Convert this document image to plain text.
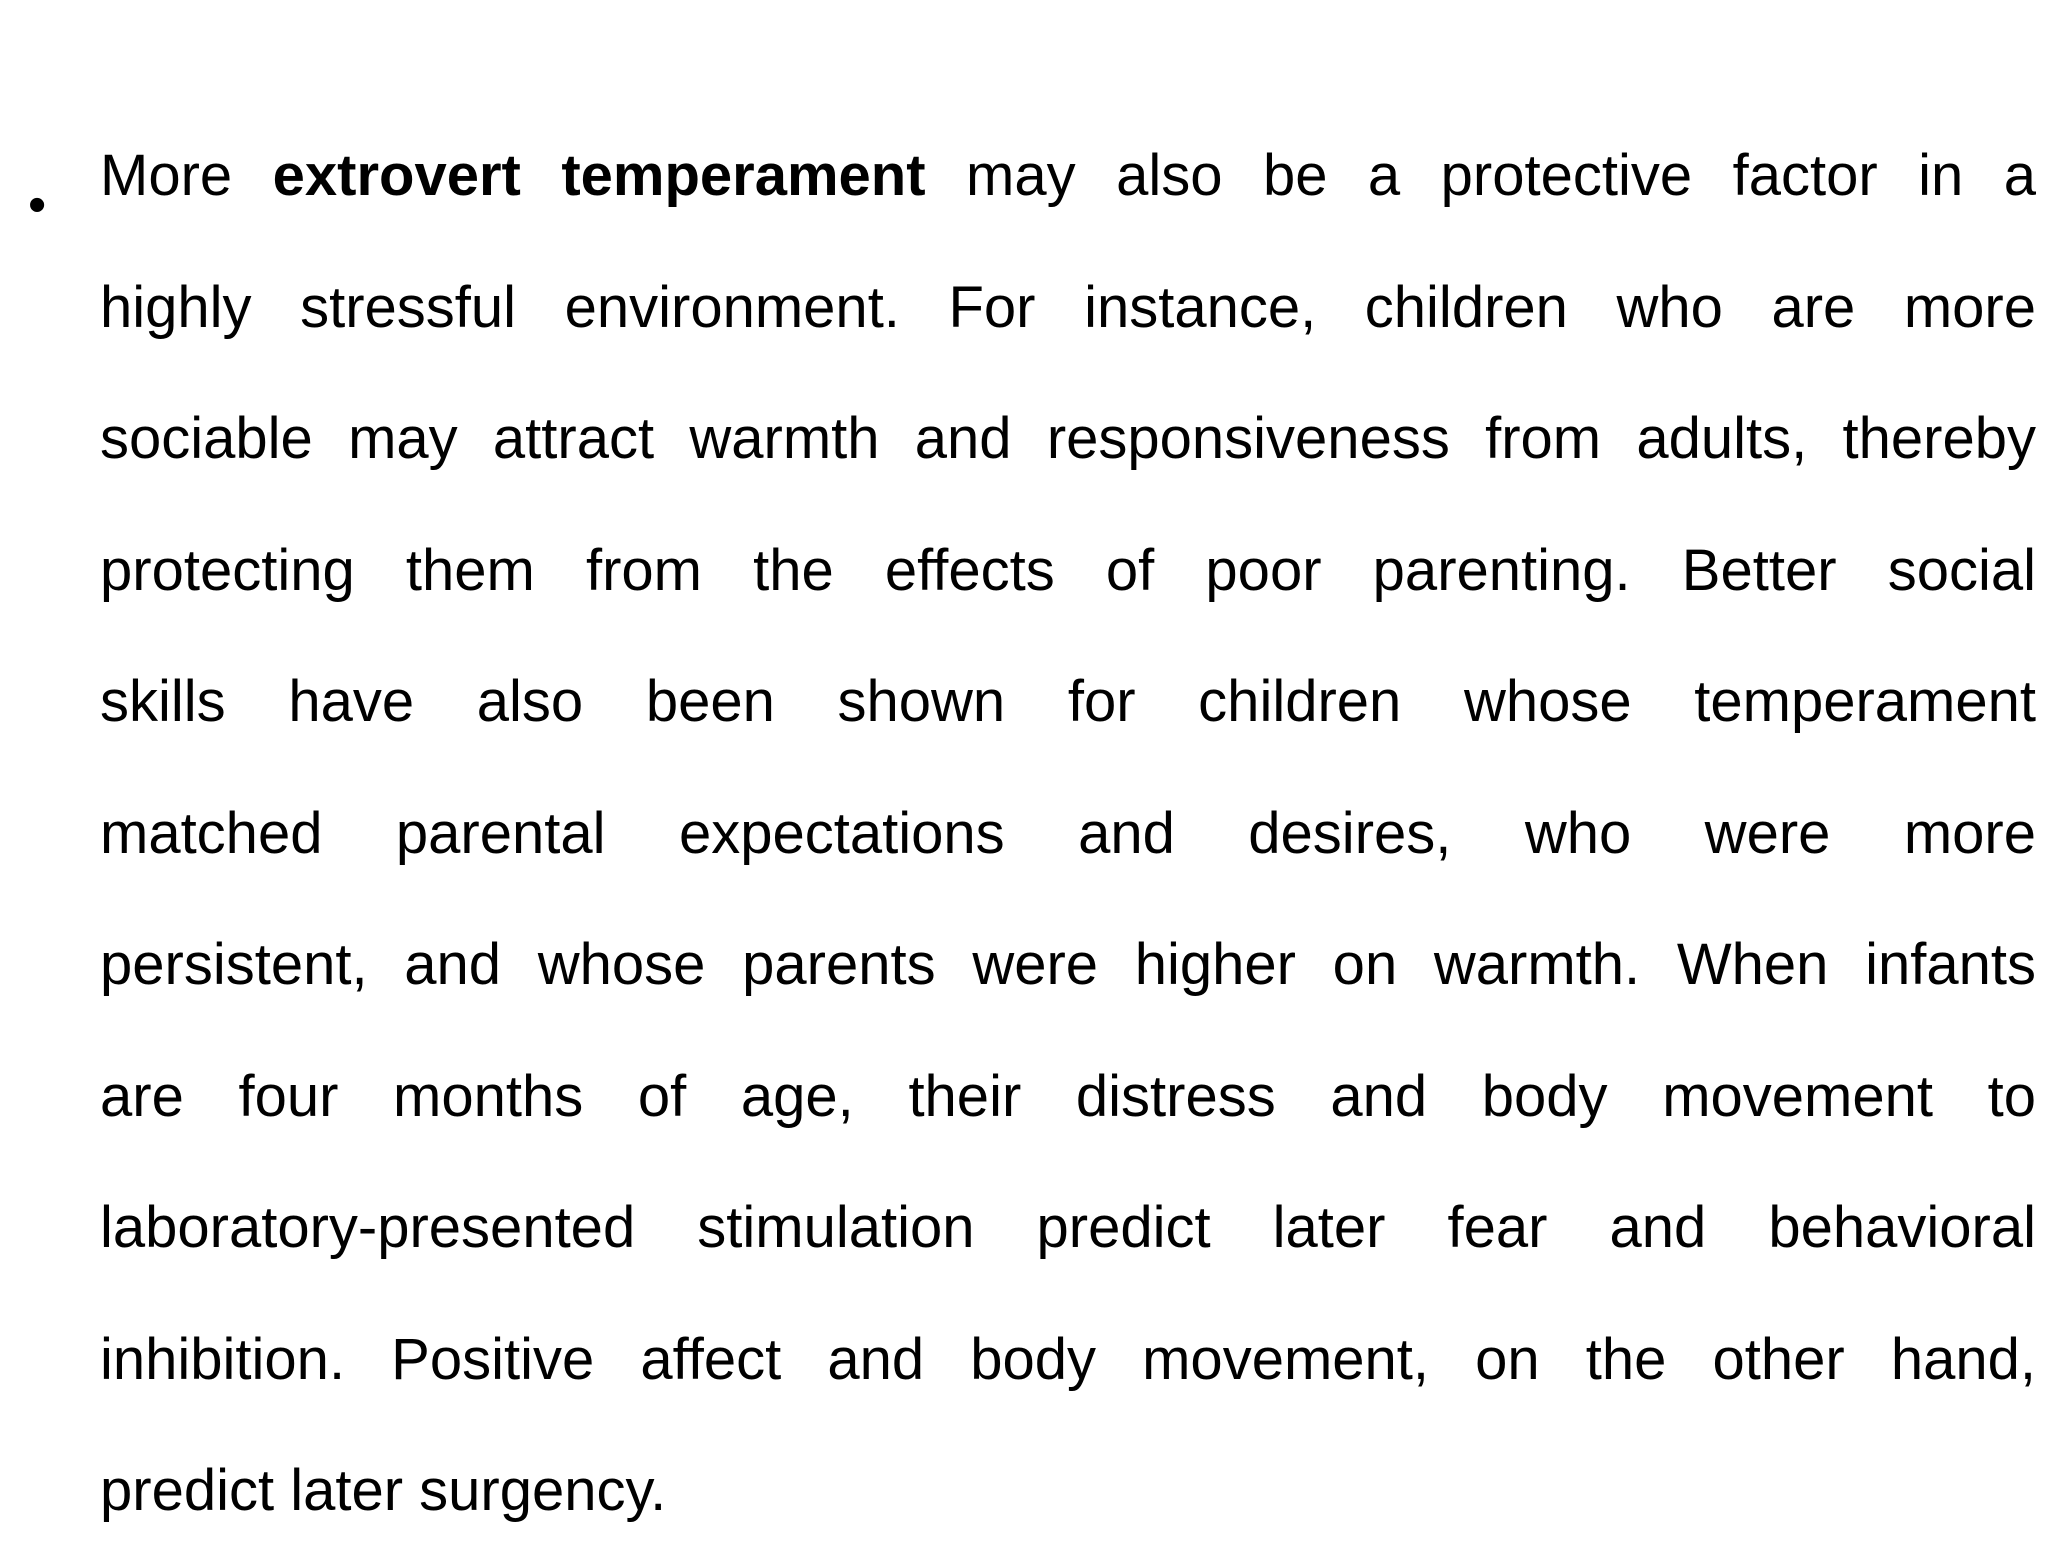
• More extrovert temperament may also be a protective factor in a
highly stressful environment. For instance, children who are more
sociable may attract warmth and responsiveness from adults, thereby
protecting them from the effects of poor parenting. Better social
skills have also been shown for children whose temperament
matched parental expectations and desires, who were more
persistent, and whose parents were higher on warmth. When infants
are four months of age, their distress and body movement to
laboratory-presented stimulation predict later fear and behavioral
inhibition. Positive affect and body movement, on the other hand,
predict later surgency.
